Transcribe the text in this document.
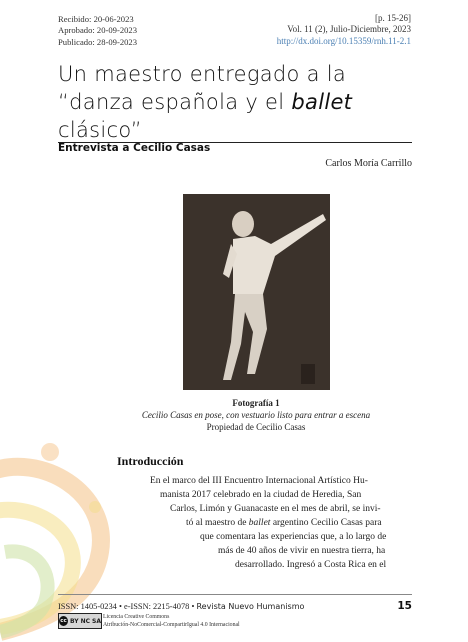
Recibido: 20-06-2023
Aprobado: 20-09-2023
Publicado: 28-09-2023
[p. 15-26]
Vol. 11 (2), Julio-Diciembre, 2023
http://dx.doi.org/10.15359/rnh.11-2.1
Un maestro entregado a la
“danza española y el ballet
clásico”
Entrevista a Cecilio Casas
Carlos Moría Carrillo
Fotografía 1
Cecilio Casas en pose, con vestuario listo para entrar a escena
Propiedad de Cecilio Casas
Introducción
En el marco del III Encuentro Internacional Artístico Hu-
manista 2017 celebrado en la ciudad de Heredia, San
Carlos, Limón y Guanacaste en el mes de abril, se invi-
tó al maestro de ballet argentino Cecilio Casas para
que comentara las experiencias que, a lo largo de
más de 40 años de vivir en nuestra tierra, ha
desarrollado. Ingresó a Costa Rica en el
ISSN: 1405-0234 • e-ISSN: 2215-4078 • Revista Nuevo Humanismo	15
cc BY NC SA
Licencia Creative Commons
Atribución-NoComercial-CompartirIgual 4.0 Internacional
